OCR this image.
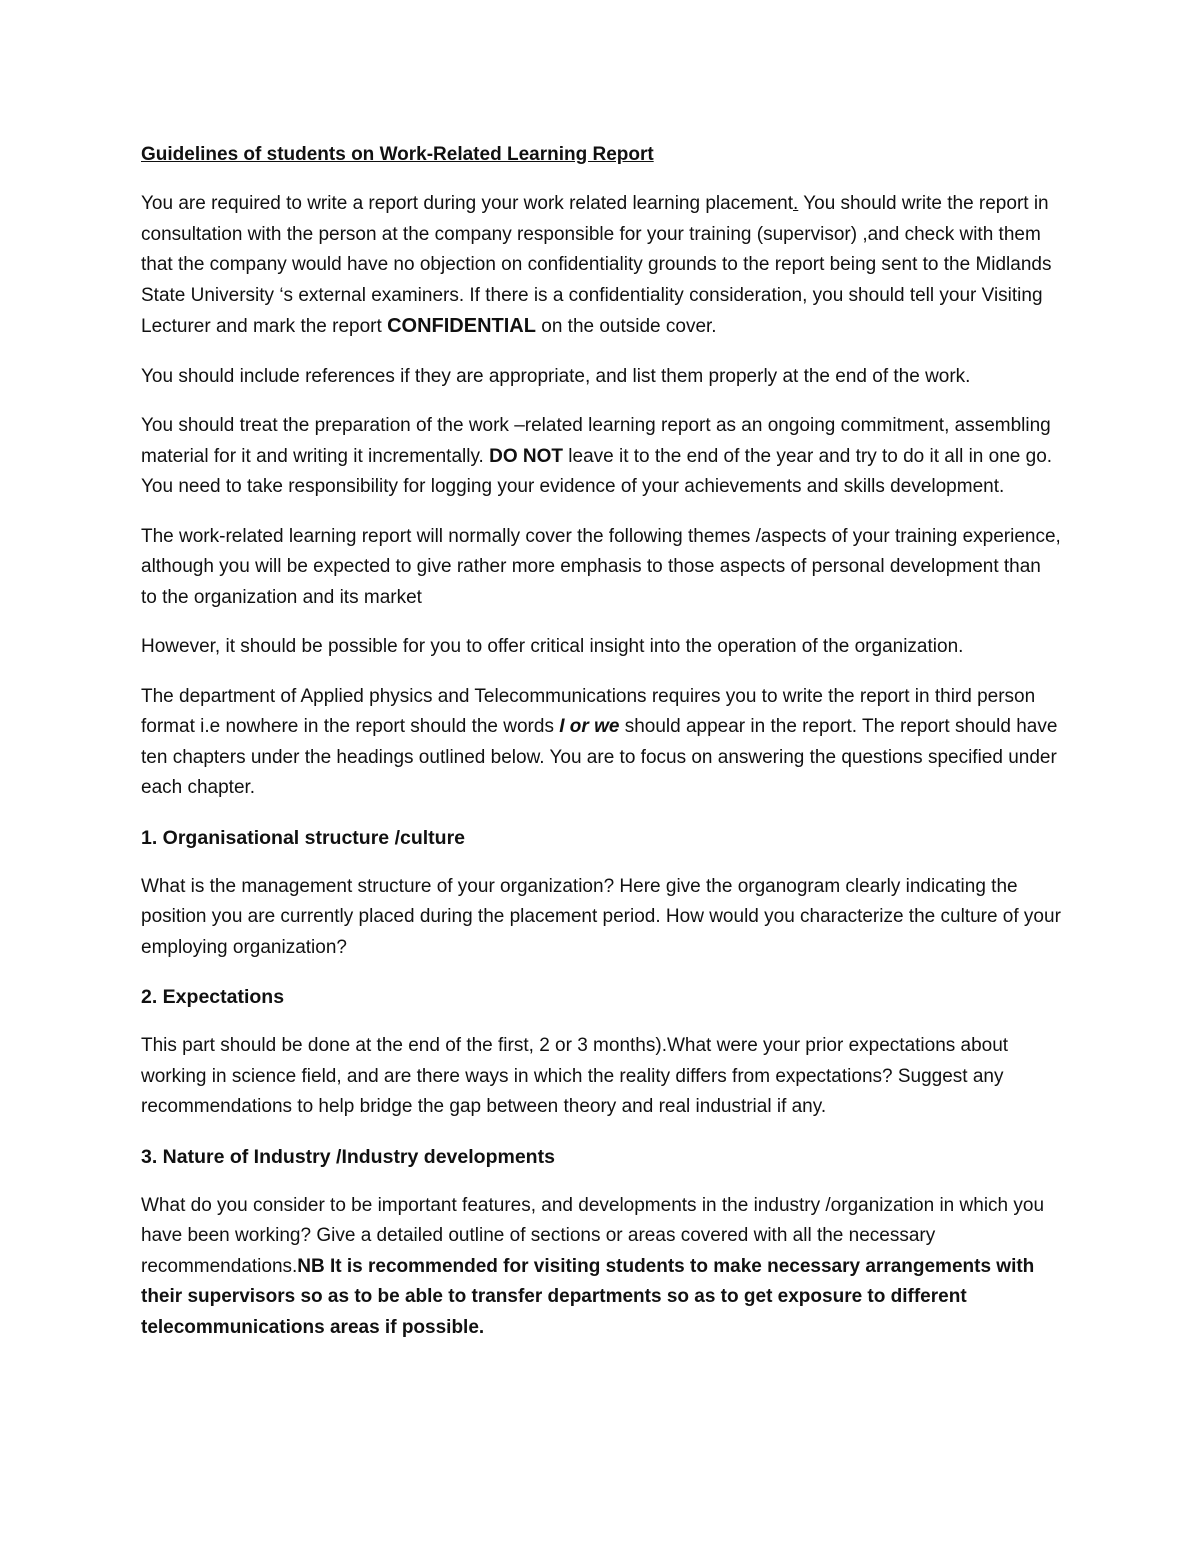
Guidelines of students on Work-Related Learning Report

You are required to write a report during your work related learning placement. You should write the report in consultation with the person at the company responsible for your training (supervisor) ,and check with them that the company would have no objection on confidentiality grounds to the report being sent to the Midlands State University ‘s external examiners. If there is a confidentiality consideration, you should tell your Visiting Lecturer and mark the report CONFIDENTIAL on the outside cover.

You should include references if they are appropriate, and list them properly at the end of the work.

You should treat the preparation of the work –related learning report as an ongoing commitment, assembling material for it and writing it incrementally. DO NOT leave it to the end of the year and try to do it all in one go. You need to take responsibility for logging your evidence of your achievements and skills development.

The work-related learning report will normally cover the following themes /aspects of your training experience, although you will be expected to give rather more emphasis to those aspects of personal development than to the organization and its market

However, it should be possible for you to offer critical insight into the operation of the organization.

The department of Applied physics and Telecommunications requires you to write the report in third person format i.e nowhere in the report should the words I or we should appear in the report. The report should have ten chapters under the headings outlined below. You are to focus on answering the questions specified under each chapter.

1. Organisational structure /culture

What is the management structure of your organization? Here give the organogram clearly indicating the position you are currently placed during the placement period. How would you characterize the culture of your employing organization?

2. Expectations

This part should be done at the end of the first, 2 or 3 months).What were your prior expectations about working in science field, and are there ways in which the reality differs from expectations? Suggest any recommendations to help bridge the gap between theory and real industrial if any.

3. Nature of Industry /Industry developments

What do you consider to be important features, and developments in the industry /organization in which you have been working? Give a detailed outline of sections or areas covered with all the necessary recommendations.NB It is recommended for visiting students to make necessary arrangements with their supervisors so as to be able to transfer departments so as to get exposure to different telecommunications areas if possible.
